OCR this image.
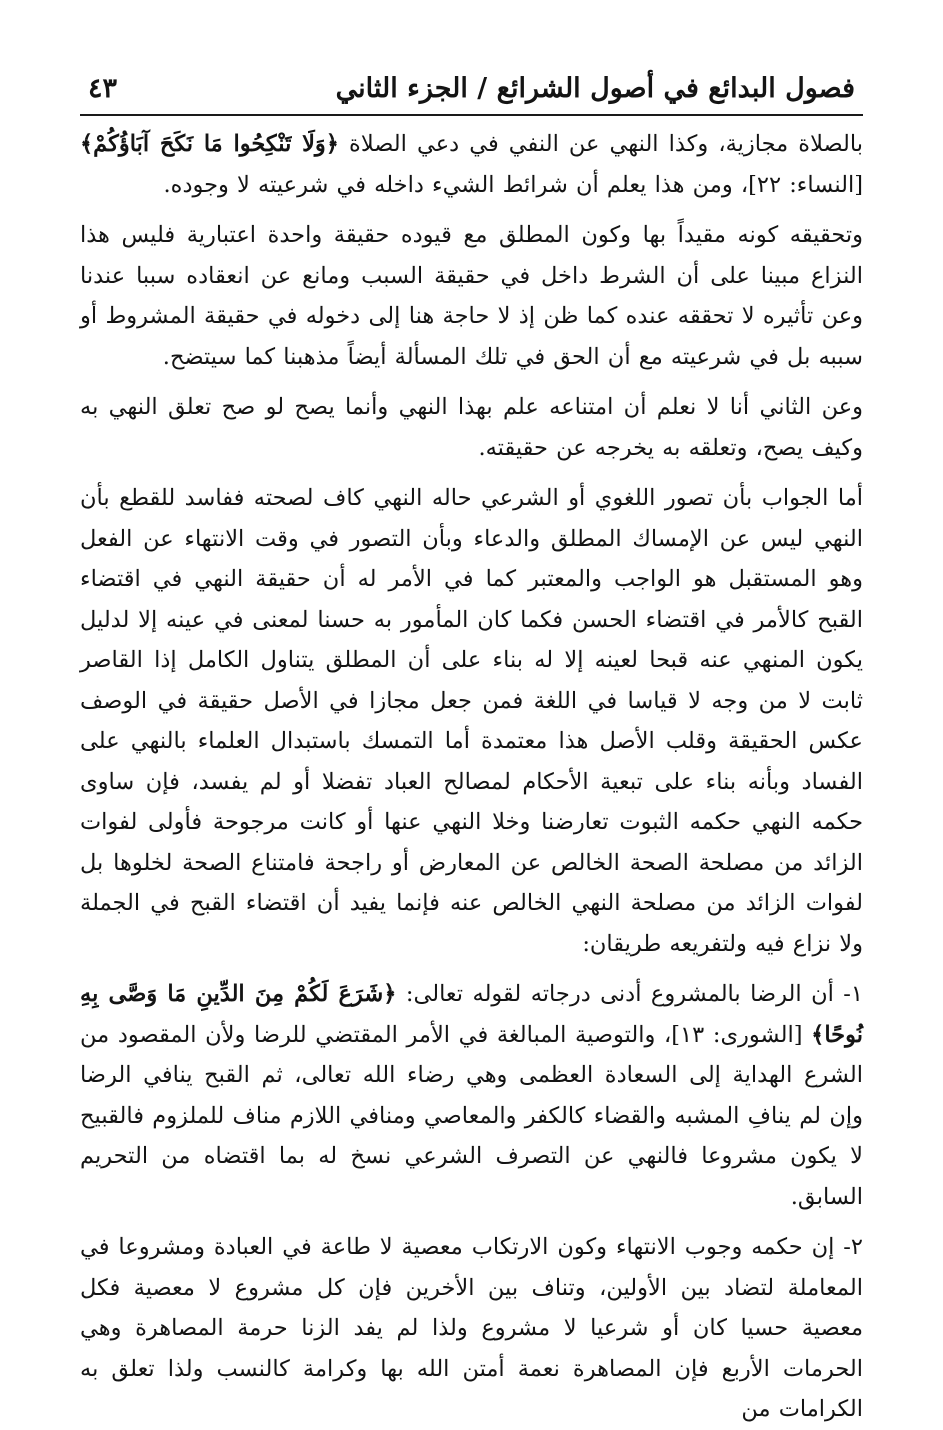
فصول البدائع في أصول الشرائع / الجزء الثاني
٤٣

بالصلاة مجازية، وكذا النهي عن النفي في دعي الصلاة ﴿وَلَا تَنْكِحُوا مَا نَكَحَ آبَاؤُكُمْ﴾ [النساء: ٢٢]، ومن هذا يعلم أن شرائط الشيء داخله في شرعيته لا وجوده.

وتحقيقه كونه مقيداً بها وكون المطلق مع قيوده حقيقة واحدة اعتبارية فليس هذا النزاع مبينا على أن الشرط داخل في حقيقة السبب ومانع عن انعقاده سببا عندنا وعن تأثيره لا تحققه عنده كما ظن إذ لا حاجة هنا إلى دخوله في حقيقة المشروط أو سببه بل في شرعيته مع أن الحق في تلك المسألة أيضاً مذهبنا كما سيتضح.

وعن الثاني أنا لا نعلم أن امتناعه علم بهذا النهي وأنما يصح لو صح تعلق النهي به وكيف يصح، وتعلقه به يخرجه عن حقيقته.

أما الجواب بأن تصور اللغوي أو الشرعي حاله النهي كاف لصحته ففاسد للقطع بأن النهي ليس عن الإمساك المطلق والدعاء وبأن التصور في وقت الانتهاء عن الفعل وهو المستقبل هو الواجب والمعتبر كما في الأمر له أن حقيقة النهي في اقتضاء القبح كالأمر في اقتضاء الحسن فكما كان المأمور به حسنا لمعنى في عينه إلا لدليل يكون المنهي عنه قبحا لعينه إلا له بناء على أن المطلق يتناول الكامل إذا القاصر ثابت لا من وجه لا قياسا في اللغة فمن جعل مجازا في الأصل حقيقة في الوصف عكس الحقيقة وقلب الأصل هذا معتمدة أما التمسك باستبدال العلماء بالنهي على الفساد وبأنه بناء على تبعية الأحكام لمصالح العباد تفضلا أو لم يفسد، فإن ساوى حكمه النهي حكمه الثبوت تعارضنا وخلا النهي عنها أو كانت مرجوحة فأولى لفوات الزائد من مصلحة الصحة الخالص عن المعارض أو راجحة فامتناع الصحة لخلوها بل لفوات الزائد من مصلحة النهي الخالص عنه فإنما يفيد أن اقتضاء القبح في الجملة ولا نزاع فيه ولتفريعه طريقان:

١- أن الرضا بالمشروع أدنى درجاته لقوله تعالى: ﴿شَرَعَ لَكُمْ مِنَ الدِّينِ مَا وَصَّى بِهِ نُوحًا﴾ [الشورى: ١٣]، والتوصية المبالغة في الأمر المقتضي للرضا ولأن المقصود من الشرع الهداية إلى السعادة العظمى وهي رضاء الله تعالى، ثم القبح ينافي الرضا وإن لم ينافِ المشبه والقضاء كالكفر والمعاصي ومنافي اللازم مناف للملزوم فالقبيح لا يكون مشروعا فالنهي عن التصرف الشرعي نسخ له بما اقتضاه من التحريم السابق.

٢- إن حكمه وجوب الانتهاء وكون الارتكاب معصية لا طاعة في العبادة ومشروعا في المعاملة لتضاد بين الأولين، وتناف بين الأخرين فإن كل مشروع لا معصية فكل معصية حسيا كان أو شرعيا لا مشروع ولذا لم يفد الزنا حرمة المصاهرة وهي الحرمات الأربع فإن المصاهرة نعمة أمتن الله بها وكرامة كالنسب ولذا تعلق به الكرامات من
